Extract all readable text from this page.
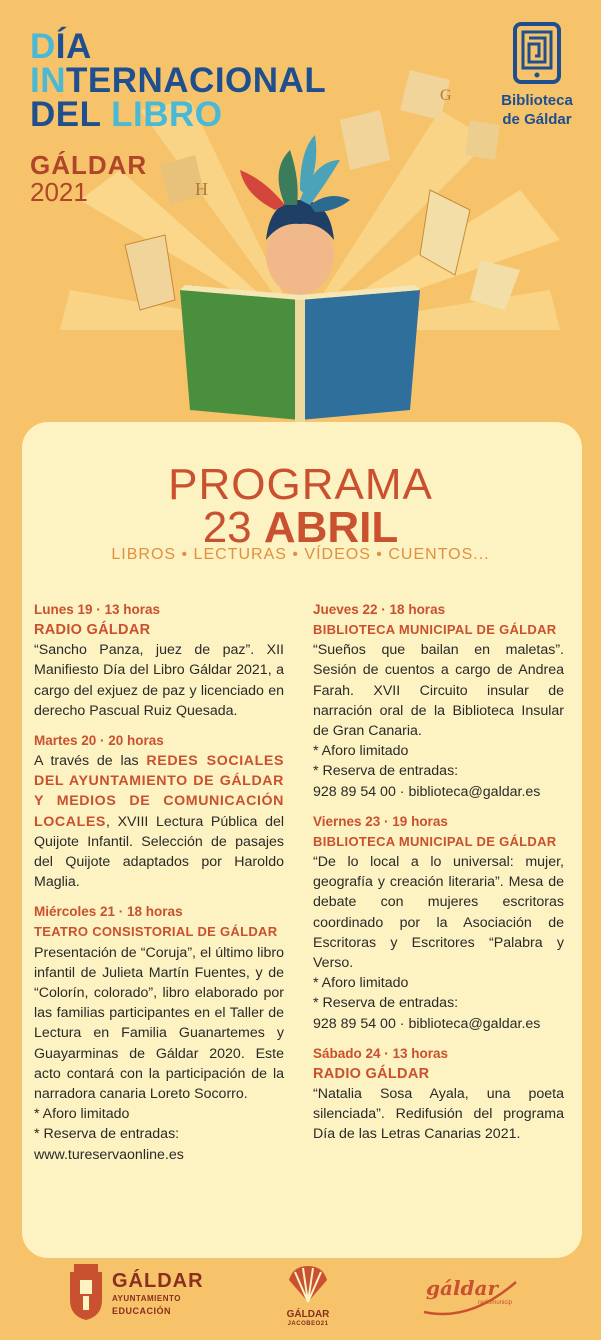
H
G
DÍA
INTERNACIONAL
DEL LIBRO
GÁLDAR
2021
Biblioteca
de Gáldar
PROGRAMA
23 ABRIL
LIBROS • LECTURAS • VÍDEOS • CUENTOS...
Lunes 19 · 13 horas
RADIO GÁLDAR
“Sancho Panza, juez de paz”. XII Manifiesto Día del Libro Gáldar 2021, a cargo del exjuez de paz y licenciado en derecho Pascual Ruiz Quesada.
Martes 20 · 20 horas
A través de las REDES SOCIALES DEL AYUNTAMIENTO DE GÁLDAR Y MEDIOS DE COMUNICACIÓN LOCALES, XVIII Lectura Pública del Quijote Infantil. Selección de pasajes del Quijote adaptados por Haroldo Maglia.
Miércoles 21 · 18 horas
TEATRO CONSISTORIAL DE GÁLDAR
Presentación de “Coruja”, el último libro infantil de Julieta Martín Fuentes, y de “Colorín, colorado”, libro elaborado por las familias participantes en el Taller de Lectura en Familia Guanartemes y Guayarminas de Gáldar 2020. Este acto contará con la participación de la narradora canaria Loreto Socorro.
* Aforo limitado
* Reserva de entradas:
www.tureservaonline.es
Jueves 22 · 18 horas
BIBLIOTECA MUNICIPAL DE GÁLDAR
“Sueños que bailan en maletas”. Sesión de cuentos a cargo de Andrea Farah. XVII Circuito insular de narración oral de la Biblioteca Insular de Gran Canaria.
* Aforo limitado
* Reserva de entradas:
928 89 54 00 · biblioteca@galdar.es
Viernes 23 · 19 horas
BIBLIOTECA MUNICIPAL DE GÁLDAR
“De lo local a lo universal: mujer, geografía y creación literaria”. Mesa de debate con mujeres escritoras coordinado por la Asociación de Escritoras y Escritores “Palabra y Verso.
* Aforo limitado
* Reserva de entradas:
928 89 54 00 · biblioteca@galdar.es
Sábado 24 · 13 horas
RADIO GÁLDAR
“Natalia Sosa Ayala, una poeta silenciada”. Redifusión del programa Día de las Letras Canarias 2021.
GÁLDAR
AYUNTAMIENTO
EDUCACIÓN	GÁLDAR
JACOBEO21
gáldar
radiomunicip
